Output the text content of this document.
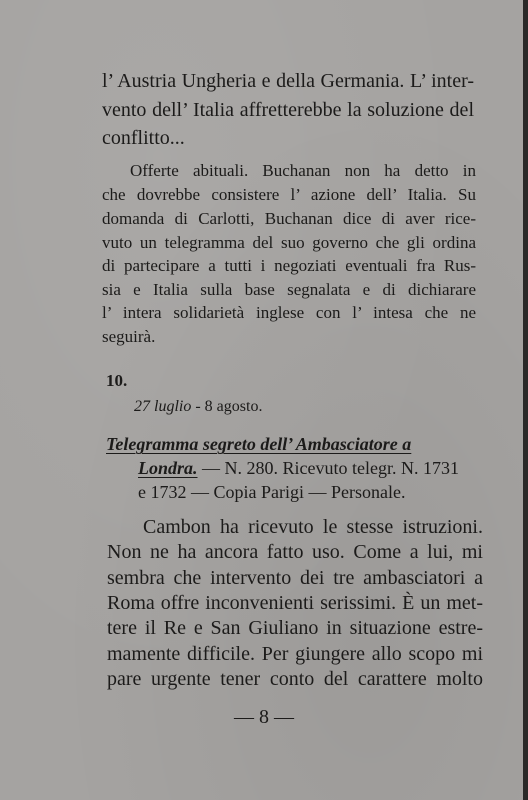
l’ Austria Ungheria e della Germania. L’ inter-
vento dell’ Italia affretterebbe la soluzione del
conflitto...
Offerte abituali. Buchanan non ha detto in
che dovrebbe consistere l’ azione dell’ Italia. Su
domanda di Carlotti, Buchanan dice di aver rice-
vuto un telegramma del suo governo che gli ordina
di partecipare a tutti i negoziati eventuali fra Rus-
sia e Italia sulla base segnalata e di dichiarare
l’ intera solidarietà inglese con l’ intesa che ne
seguirà.
10.
27 luglio - 8 agosto.
Telegramma segreto dell’ Ambasciatore a
Londra. — N. 280. Ricevuto telegr. N. 1731
e 1732 — Copia Parigi — Personale.
Cambon ha ricevuto le stesse istruzioni.
Non ne ha ancora fatto uso. Come a lui, mi
sembra che intervento dei tre ambasciatori a
Roma offre inconvenienti serissimi. È un met-
tere il Re e San Giuliano in situazione estre-
mamente difficile. Per giungere allo scopo mi
pare urgente tener conto del carattere molto
— 8 —
